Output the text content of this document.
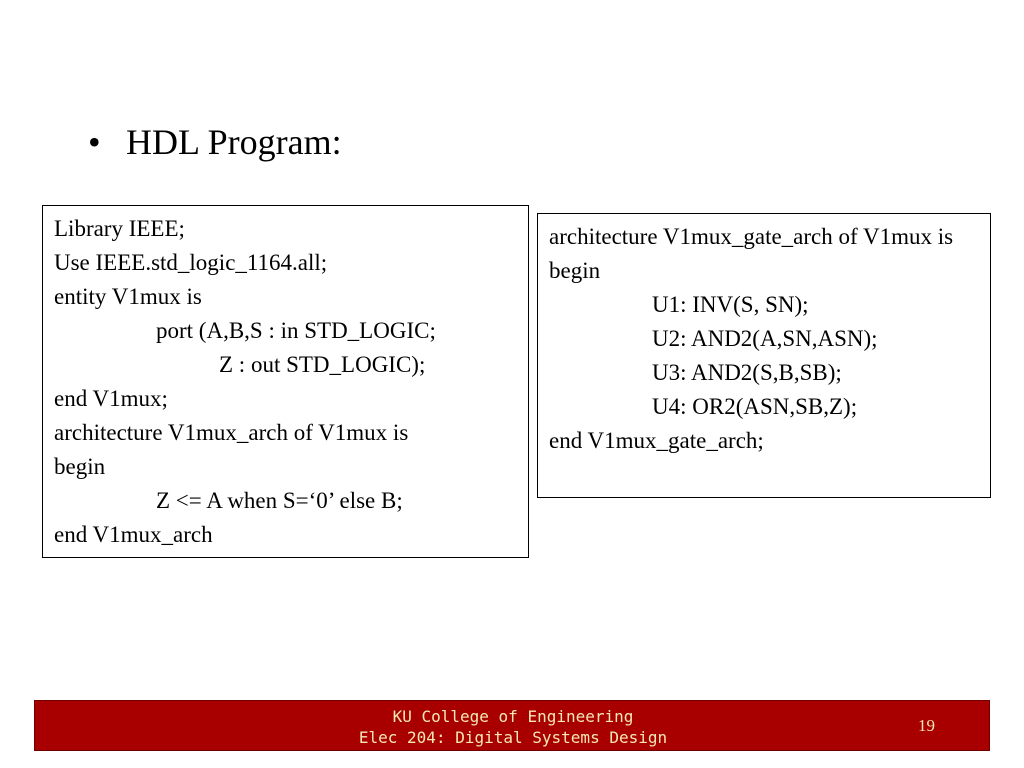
• HDL Program:
Library IEEE;
Use IEEE.std_logic_1164.all;
entity V1mux is
port (A,B,S : in STD_LOGIC;
Z : out STD_LOGIC);
end V1mux;
architecture V1mux_arch of V1mux is
begin
Z <= A when S=‘0’ else B;
end V1mux_arch
architecture V1mux_gate_arch of V1mux is
begin
U1: INV(S, SN);
U2: AND2(A,SN,ASN);
U3: AND2(S,B,SB);
U4: OR2(ASN,SB,Z);
end V1mux_gate_arch;
KU College of Engineering
Elec 204: Digital Systems Design
19
